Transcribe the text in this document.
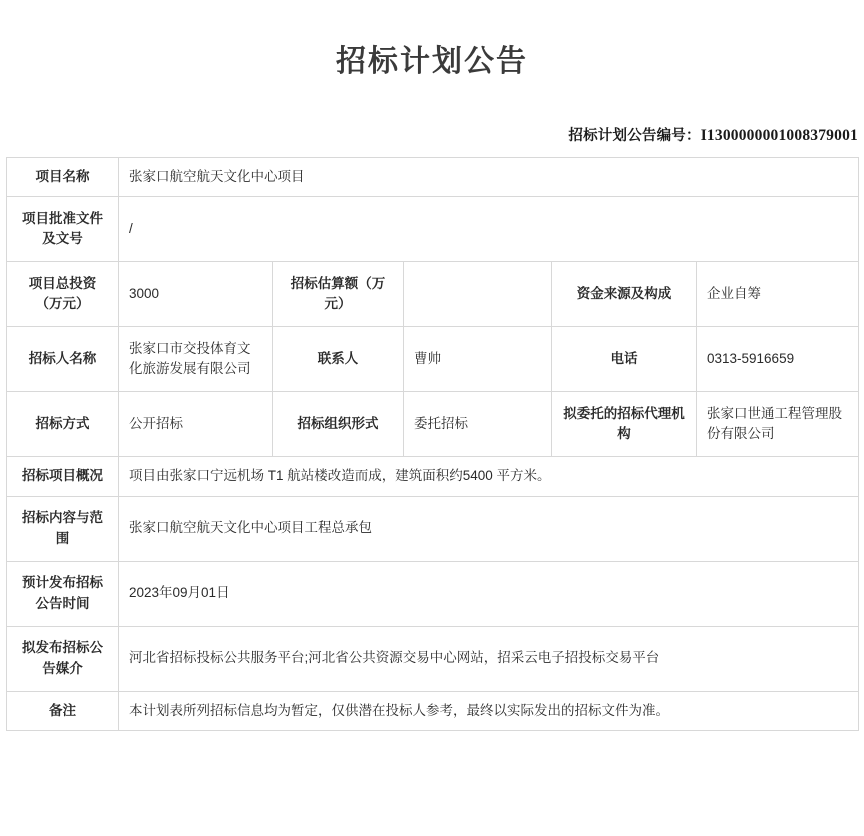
招标计划公告
招标计划公告编号：I1300000001008379001
项目名称	张家口航空航天文化中心项目				
项目批准文件及文号	/				
项目总投资（万元）	3000	招标估算额（万元）		资金来源及构成	企业自筹
招标人名称	张家口市交投体育文化旅游发展有限公司	联系人	曹帅	电话	0313-5916659
招标方式	公开招标	招标组织形式	委托招标	拟委托的招标代理机构	张家口世通工程管理股份有限公司
招标项目概况	项目由张家口宁远机场 T1 航站楼改造而成，建筑面积约5400 平方米。				
招标内容与范围	张家口航空航天文化中心项目工程总承包				
预计发布招标公告时间	2023年09月01日				
拟发布招标公告媒介	河北省招标投标公共服务平台;河北省公共资源交易中心网站，招采云电子招投标交易平台				
备注	本计划表所列招标信息均为暂定，仅供潜在投标人参考，最终以实际发出的招标文件为准。				
